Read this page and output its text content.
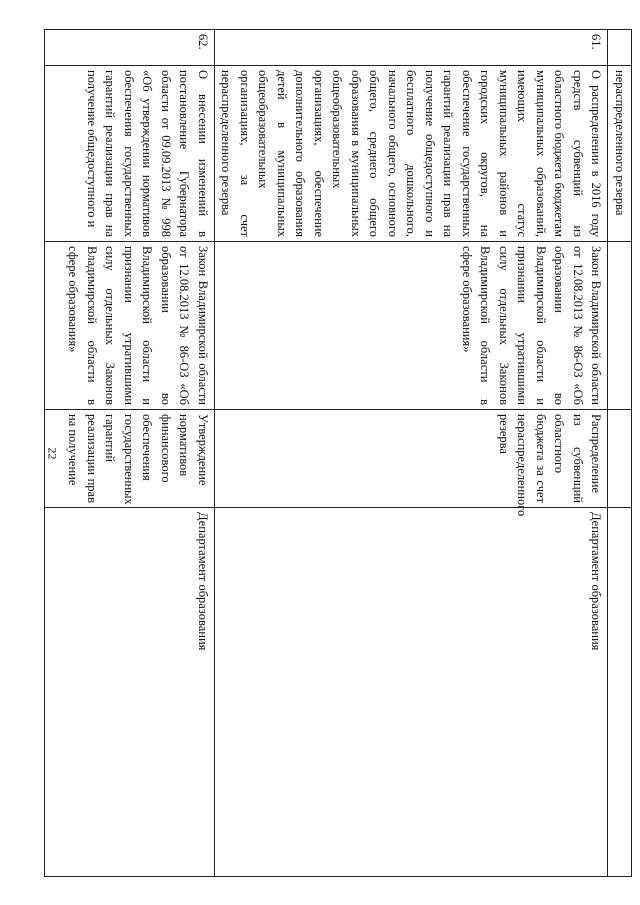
22
	нераспределенного резерва			
61.	О распределении в 2016 году средств субвенций из областного бюджета бюджетам муниципальных образований, имеющих статус муниципальных районов и городских округов, на обеспечение государственных гарантий реализации прав на получение общедоступного и бесплатного дошкольного, начального общего, основного общего, среднего общего образования в муниципальных общеобразовательных организациях, обеспечение дополнительного образования детей в муниципальных общеобразовательных организациях, за счет нераспределенного резерва	Закон Владимирской области от 12.08.2013 № 86-ОЗ «Об образовании во Владимирской области и признании утратившими силу отдельных Законов Владимирской области в сфере образования»	Распределение из субвенций областного бюджета за счет нераспределенного резерва	Департамент образования
62.	О внесении изменений в постановление Губернатора области от 09.09.2013 № 998 «Об утверждении нормативов обеспечения государственных гарантий реализации прав на получение общедоступного и	Закон Владимирской области от 12.08.2013 № 86-ОЗ «Об образовании во Владимирской области и признании утратившими силу отдельных Законов Владимирской области в сфере образования»	Утверждение нормативов финансового обеспечения государственных гарантий реализации прав на получение	Департамент образования
